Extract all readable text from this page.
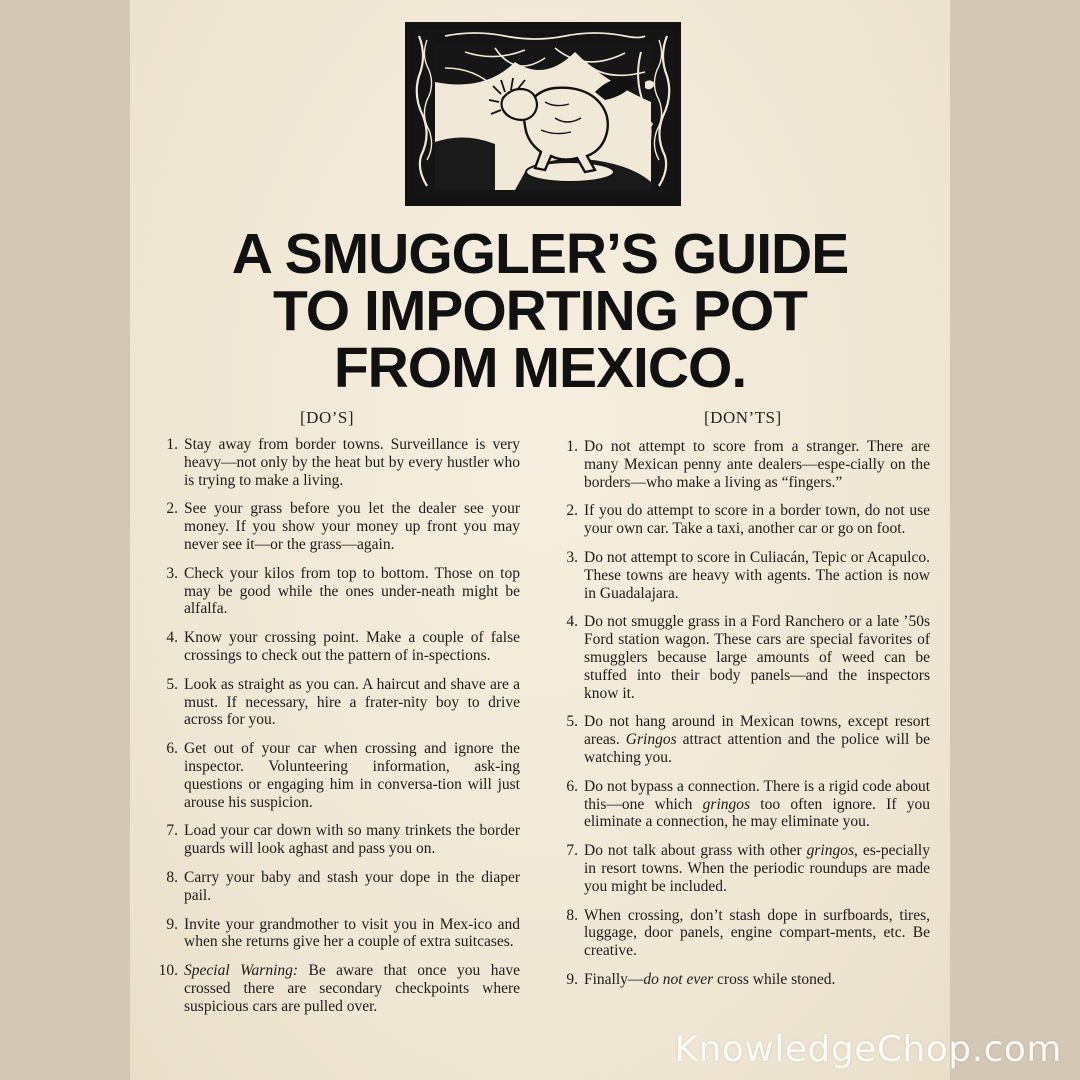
A SMUGGLER’S GUIDE
TO IMPORTING POT
FROM MEXICO.
[DO’S]	[DON’TS]
1. Stay away from border towns. Surveillance is very heavy—not only by the heat but by every hustler who is trying to make a living.
2. See your grass before you let the dealer see your money. If you show your money up front you may never see it—or the grass—again.
3. Check your kilos from top to bottom. Those on top may be good while the ones under-neath might be alfalfa.
4. Know your crossing point. Make a couple of false crossings to check out the pattern of in-spections.
5. Look as straight as you can. A haircut and shave are a must. If necessary, hire a frater-nity boy to drive across for you.
6. Get out of your car when crossing and ignore the inspector. Volunteering information, ask-ing questions or engaging him in conversa-tion will just arouse his suspicion.
7. Load your car down with so many trinkets the border guards will look aghast and pass you on.
8. Carry your baby and stash your dope in the diaper pail.
9. Invite your grandmother to visit you in Mex-ico and when she returns give her a couple of extra suitcases.
10. Special Warning: Be aware that once you have crossed there are secondary checkpoints where suspicious cars are pulled over.
1. Do not attempt to score from a stranger. There are many Mexican penny ante dealers—espe-cially on the borders—who make a living as “fingers.”
2. If you do attempt to score in a border town, do not use your own car. Take a taxi, another car or go on foot.
3. Do not attempt to score in Culiacán, Tepic or Acapulco. These towns are heavy with agents. The action is now in Guadalajara.
4. Do not smuggle grass in a Ford Ranchero or a late ’50s Ford station wagon. These cars are special favorites of smugglers because large amounts of weed can be stuffed into their body panels—and the inspectors know it.
5. Do not hang around in Mexican towns, except resort areas. Gringos attract attention and the police will be watching you.
6. Do not bypass a connection. There is a rigid code about this—one which gringos too often ignore. If you eliminate a connection, he may eliminate you.
7. Do not talk about grass with other gringos, es-pecially in resort towns. When the periodic roundups are made you might be included.
8. When crossing, don’t stash dope in surfboards, tires, luggage, door panels, engine compart-ments, etc. Be creative.
9. Finally—do not ever cross while stoned.
KnowledgeChop.com
